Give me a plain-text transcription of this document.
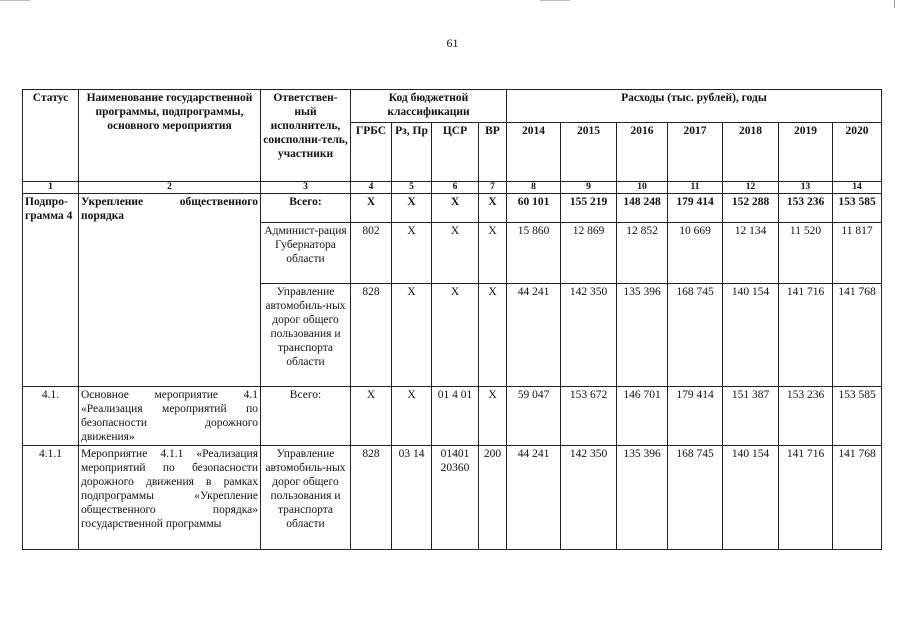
61
Статус	Наименование государственной программы, подпрограммы, основного мероприятия	Ответствен-ный исполнитель, соисполни-тель, участники	Код бюджетной классификации				Расходы (тыс. рублей), годы						
			ГРБС	Рз, Пр	ЦСР	ВР	2014	2015	2016	2017	2018	2019	2020
1	2	3	4	5	6	7	8	9	10	11	12	13	14
Подпро-грамма 4	Укрепление общественного порядка	Всего:	Х	Х	Х	Х	60 101	155 219	148 248	179 414	152 288	153 236	153 585
		Админист-рация Губернатора области	802	Х	Х	Х	15 860	12 869	12 852	10 669	12 134	11 520	11 817
		Управление автомобиль-ных дорог общего пользования и транспорта области	828	Х	Х	Х	44 241	142 350	135 396	168 745	140 154	141 716	141 768
4.1.	Основное мероприятие 4.1 «Реализация мероприятий по безопасности дорожного движения»	Всего:	Х	Х	01 4 01	Х	59 047	153 672	146 701	179 414	151 387	153 236	153 585
4.1.1	Мероприятие 4.1.1 «Реализация мероприятий по безопасности дорожного движения в рамках подпрограммы «Укрепление общественного порядка» государственной программы	Управление автомобиль-ных дорог общего пользования и транспорта области	828	03 14	01401 20360	200	44 241	142 350	135 396	168 745	140 154	141 716	141 768
